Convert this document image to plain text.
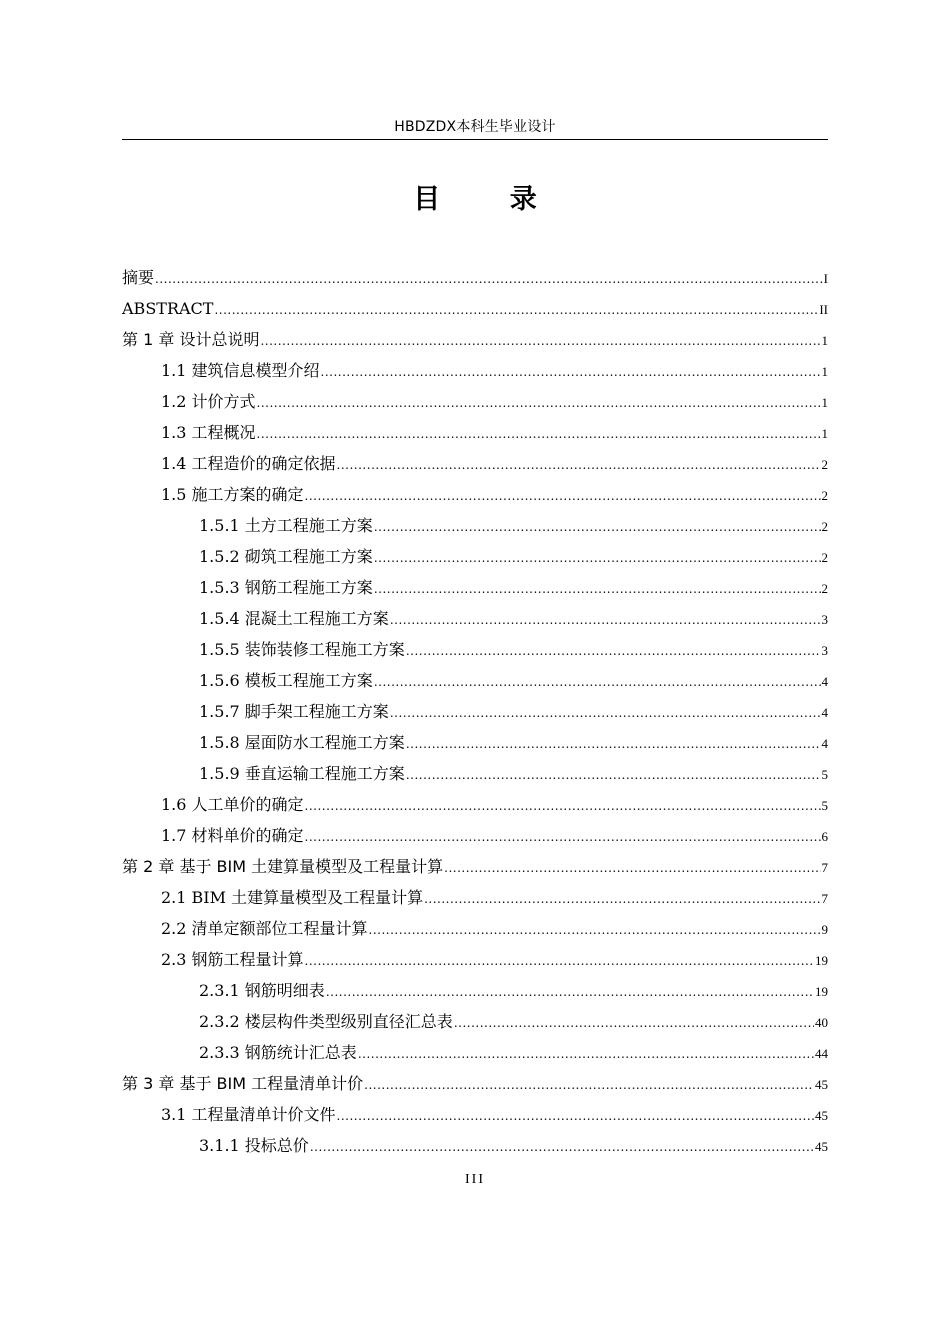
HBDZDX本科生毕业设计
目 录
摘要 .....	I
ABSTRACT .....	II
第 1 章 设计总说明 .....	1
1.1 建筑信息模型介绍 .....	1
1.2 计价方式 .....	1
1.3 工程概况 .....	1
1.4 工程造价的确定依据 .....	2
1.5 施工方案的确定 .....	2
1.5.1 土方工程施工方案 .....	2
1.5.2 砌筑工程施工方案 .....	2
1.5.3 钢筋工程施工方案 .....	2
1.5.4 混凝土工程施工方案 .....	3
1.5.5 装饰装修工程施工方案 .....	3
1.5.6 模板工程施工方案 .....	4
1.5.7 脚手架工程施工方案 .....	4
1.5.8 屋面防水工程施工方案 .....	4
1.5.9 垂直运输工程施工方案 .....	5
1.6 人工单价的确定 .....	5
1.7 材料单价的确定 .....	6
第 2 章 基于 BIM 土建算量模型及工程量计算 .....	7
2.1 BIM 土建算量模型及工程量计算 .....	7
2.2 清单定额部位工程量计算 .....	9
2.3 钢筋工程量计算 .....	19
2.3.1 钢筋明细表 .....	19
2.3.2 楼层构件类型级别直径汇总表 .....	40
2.3.3 钢筋统计汇总表 .....	44
第 3 章 基于 BIM 工程量清单计价 .....	45
3.1 工程量清单计价文件 .....	45
3.1.1 投标总价 .....	45
III
